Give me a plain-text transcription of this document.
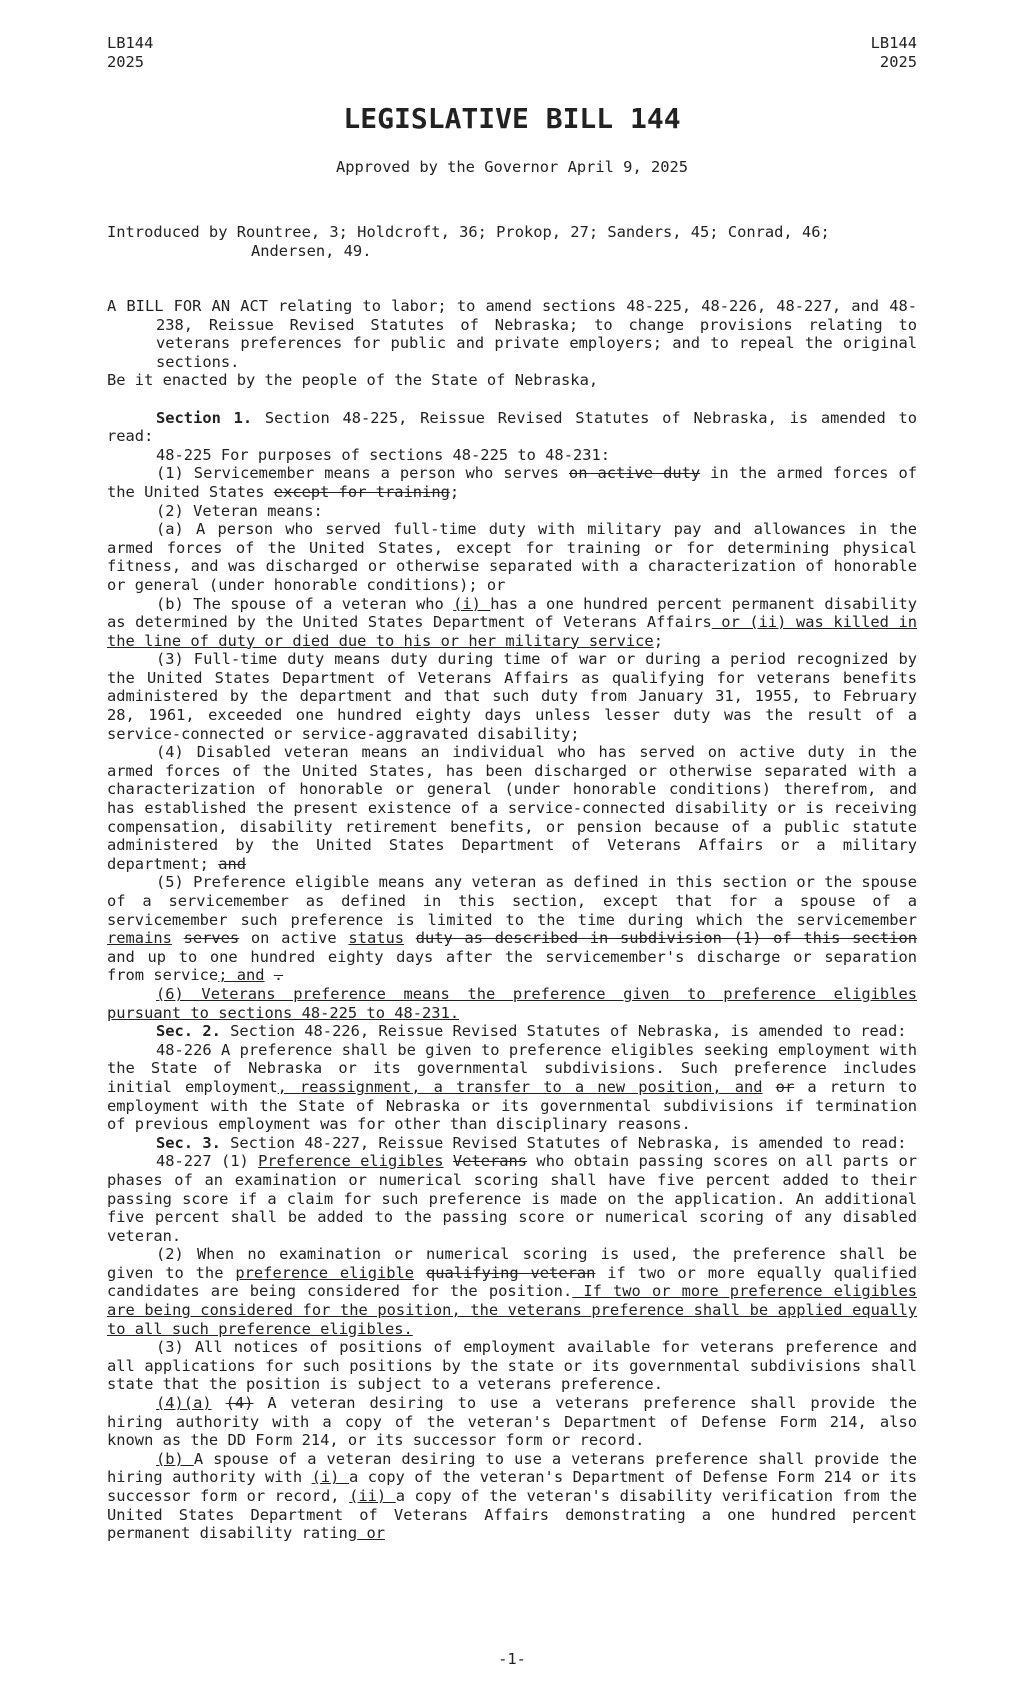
LB144
2025
LB144
2025
LEGISLATIVE BILL 144
Approved by the Governor April 9, 2025
Introduced by Rountree, 3; Holdcroft, 36; Prokop, 27; Sanders, 45; Conrad, 46;
Andersen, 49.

A BILL FOR AN ACT relating to labor; to amend sections 48-225, 48-226, 48-227, and 48-238, Reissue Revised Statutes of Nebraska; to change provisions relating to veterans preferences for public and private employers; and to repeal the original sections.

Be it enacted by the people of the State of Nebraska,

Section 1. Section 48-225, Reissue Revised Statutes of Nebraska, is amended to read:

48-225 For purposes of sections 48-225 to 48-231:

(1) Servicemember means a person who serves on active duty in the armed forces of the United States except for training;

(2) Veteran means:

(a) A person who served full-time duty with military pay and allowances in the armed forces of the United States, except for training or for determining physical fitness, and was discharged or otherwise separated with a characterization of honorable or general (under honorable conditions); or

(b) The spouse of a veteran who (i) has a one hundred percent permanent disability as determined by the United States Department of Veterans Affairs or (ii) was killed in the line of duty or died due to his or her military service;

(3) Full-time duty means duty during time of war or during a period recognized by the United States Department of Veterans Affairs as qualifying for veterans benefits administered by the department and that such duty from January 31, 1955, to February 28, 1961, exceeded one hundred eighty days unless lesser duty was the result of a service-connected or service-aggravated disability;

(4) Disabled veteran means an individual who has served on active duty in the armed forces of the United States, has been discharged or otherwise separated with a characterization of honorable or general (under honorable conditions) therefrom, and has established the present existence of a service-connected disability or is receiving compensation, disability retirement benefits, or pension because of a public statute administered by the United States Department of Veterans Affairs or a military department; and

(5) Preference eligible means any veteran as defined in this section or the spouse of a servicemember as defined in this section, except that for a spouse of a servicemember such preference is limited to the time during which the servicemember remains serves on active status duty as described in subdivision (1) of this section and up to one hundred eighty days after the servicemember's discharge or separation from service; and .

(6) Veterans preference means the preference given to preference eligibles pursuant to sections 48-225 to 48-231.

Sec. 2. Section 48-226, Reissue Revised Statutes of Nebraska, is amended to read:

48-226 A preference shall be given to preference eligibles seeking employment with the State of Nebraska or its governmental subdivisions. Such preference includes initial employment, reassignment, a transfer to a new position, and or a return to employment with the State of Nebraska or its governmental subdivisions if termination of previous employment was for other than disciplinary reasons.

Sec. 3. Section 48-227, Reissue Revised Statutes of Nebraska, is amended to read:

48-227 (1) Preference eligibles Veterans who obtain passing scores on all parts or phases of an examination or numerical scoring shall have five percent added to their passing score if a claim for such preference is made on the application. An additional five percent shall be added to the passing score or numerical scoring of any disabled veteran.

(2) When no examination or numerical scoring is used, the preference shall be given to the preference eligible qualifying veteran if two or more equally qualified candidates are being considered for the position. If two or more preference eligibles are being considered for the position, the veterans preference shall be applied equally to all such preference eligibles.

(3) All notices of positions of employment available for veterans preference and all applications for such positions by the state or its governmental subdivisions shall state that the position is subject to a veterans preference.

(4)(a) (4) A veteran desiring to use a veterans preference shall provide the hiring authority with a copy of the veteran's Department of Defense Form 214, also known as the DD Form 214, or its successor form or record.

(b) A spouse of a veteran desiring to use a veterans preference shall provide the hiring authority with (i) a copy of the veteran's Department of Defense Form 214 or its successor form or record, (ii) a copy of the veteran's disability verification from the United States Department of Veterans Affairs demonstrating a one hundred percent permanent disability rating or

-1-
